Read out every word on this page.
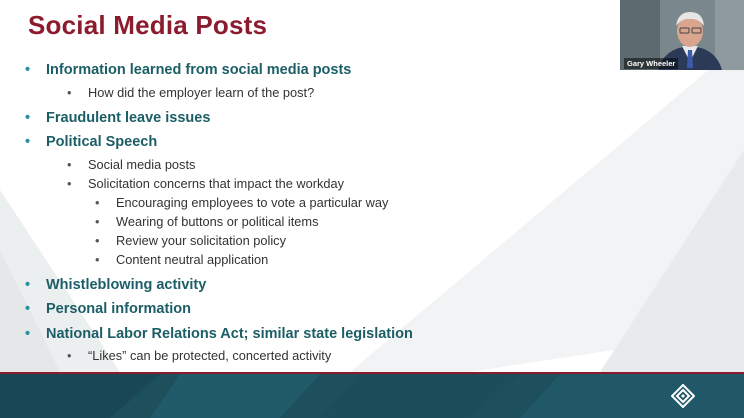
Social Media Posts
• Information learned from social media posts
• How did the employer learn of the post?
• Fraudulent leave issues
• Political Speech
• Social media posts
• Solicitation concerns that impact the workday
• Encouraging employees to vote a particular way
• Wearing of buttons or political items
• Review your solicitation policy
• Content neutral application
• Whistleblowing activity
• Personal information
• National Labor Relations Act; similar state legislation
• “Likes” can be protected, concerted activity
Gary Wheeler
